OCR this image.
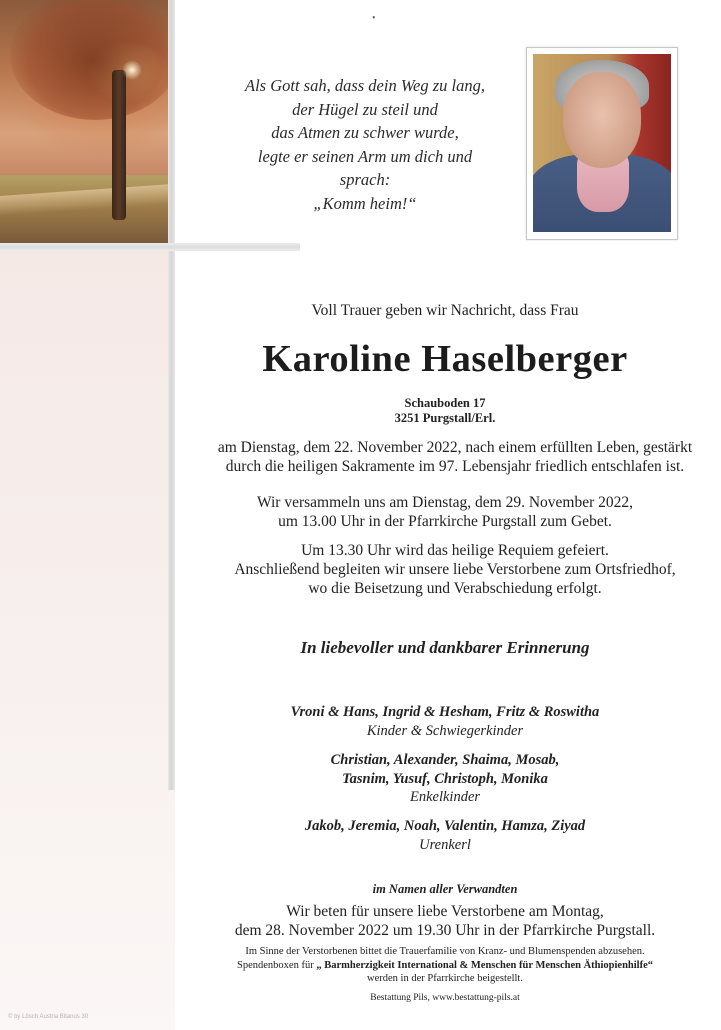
•
Als Gott sah, dass dein Weg zu lang,
der Hügel zu steil und
das Atmen zu schwer wurde,
legte er seinen Arm um dich und
sprach:
„Komm heim!“
Voll Trauer geben wir Nachricht, dass Frau
Karoline Haselberger
Schauboden 17
3251 Purgstall/Erl.
am Dienstag, dem 22. November 2022, nach einem erfüllten Leben, gestärkt
durch die heiligen Sakramente im 97. Lebensjahr friedlich entschlafen ist.
Wir versammeln uns am Dienstag, dem 29. November 2022,
um 13.00 Uhr in der Pfarrkirche Purgstall zum Gebet.
Um 13.30 Uhr wird das heilige Requiem gefeiert.
Anschließend begleiten wir unsere liebe Verstorbene zum Ortsfriedhof,
wo die Beisetzung und Verabschiedung erfolgt.
In liebevoller und dankbarer Erinnerung
Vroni & Hans, Ingrid & Hesham, Fritz & Roswitha
Kinder & Schwiegerkinder
Christian, Alexander, Shaima, Mosab,
Tasnim, Yusuf, Christoph, Monika
Enkelkinder
Jakob, Jeremia, Noah, Valentin, Hamza, Ziyad
Urenkerl
im Namen aller Verwandten
Wir beten für unsere liebe Verstorbene am Montag,
dem 28. November 2022 um 19.30 Uhr in der Pfarrkirche Purgstall.
Im Sinne der Verstorbenen bittet die Trauerfamilie von Kranz- und Blumenspenden abzusehen.
Spendenboxen für „ Barmherzigkeit International & Menschen für Menschen Äthiopienhilfe“
werden in der Pfarrkirche beigestellt.
Bestattung Pils, www.bestattung-pils.at
© by Lösch Austria Bitanus 30
